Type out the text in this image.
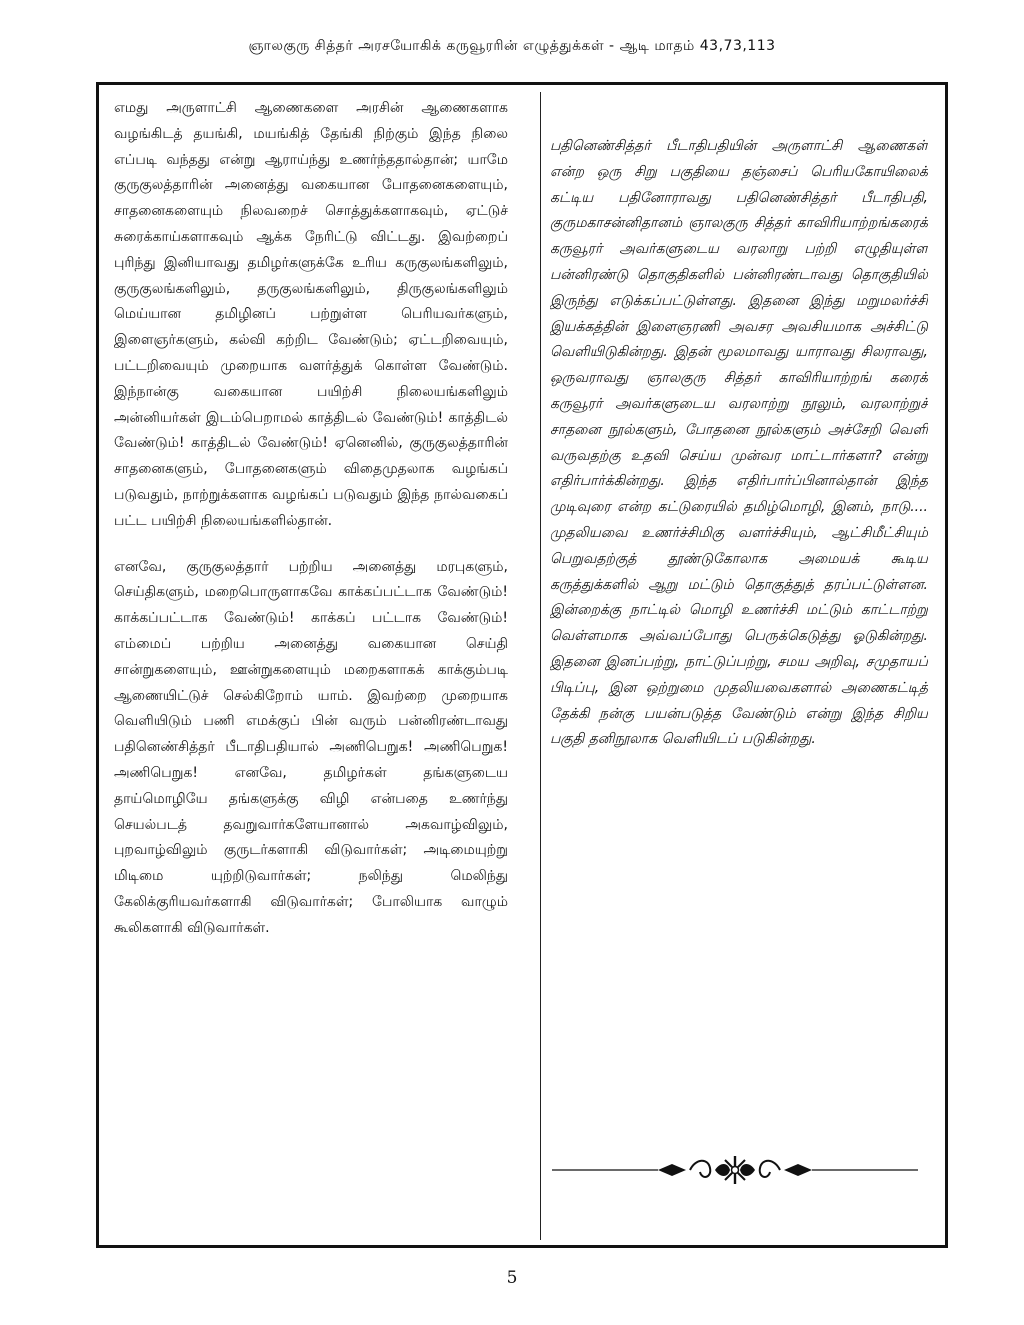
ஞாலகுரு சித்தர் அரசயோகிக் கருவூரரின் எழுத்துக்கள் - ஆடி மாதம் 43,73,113

எமது அருளாட்சி ஆணைகளை அரசின் ஆணைகளாக வழங்கிடத் தயங்கி, மயங்கித் தேங்கி நிற்கும் இந்த நிலை எப்படி வந்தது என்று ஆராய்ந்து உணர்ந்ததால்தான்; யாமே குருகுலத்தாரின் அனைத்து வகையான போதனைகளையும், சாதனைகளையும் நிலவறைச் சொத்துக்களாகவும், ஏட்டுச் சுரைக்காய்களாகவும் ஆக்க நேரிட்டு விட்டது. இவற்றைப் புரிந்து இனியாவது தமிழர்களுக்கே உரிய கருகுலங்களிலும், குருகுலங்களிலும், தருகுலங்களிலும், திருகுலங்களிலும் மெய்யான தமிழினப் பற்றுள்ள பெரியவர்களும், இளைஞர்களும், கல்வி கற்றிட வேண்டும்; ஏட்டறிவையும், பட்டறிவையும் முறையாக வளர்த்துக் கொள்ள வேண்டும். இந்நான்கு வகையான பயிற்சி நிலையங்களிலும் அன்னியர்கள் இடம்பெறாமல் காத்திடல் வேண்டும்! காத்திடல் வேண்டும்! காத்திடல் வேண்டும்! ஏனெனில், குருகுலத்தாரின் சாதனைகளும், போதனைகளும் விதைமுதலாக வழங்கப் படுவதும், நாற்றுக்களாக வழங்கப் படுவதும் இந்த நால்வகைப் பட்ட பயிற்சி நிலையங்களில்தான்.

எனவே, குருகுலத்தார் பற்றிய அனைத்து மரபுகளும், செய்திகளும், மறைபொருளாகவே காக்கப்பட்டாக வேண்டும்! காக்கப்பட்டாக வேண்டும்! காக்கப் பட்டாக வேண்டும்! எம்மைப் பற்றிய அனைத்து வகையான செய்தி சான்றுகளையும், ஊன்றுகளையும் மறைகளாகக் காக்கும்படி ஆணையிட்டுச் செல்கிறோம் யாம். இவற்றை முறையாக வெளியிடும் பணி எமக்குப் பின் வரும் பன்னிரண்டாவது பதினெண்சித்தர் பீடாதிபதியால் அணிபெறுக! அணிபெறுக! அணிபெறுக! எனவே, தமிழர்கள் தங்களுடைய தாய்மொழியே தங்களுக்கு விழி என்பதை உணர்ந்து செயல்படத் தவறுவார்களேயானால் அகவாழ்விலும், புறவாழ்விலும் குருடர்களாகி விடுவார்கள்; அடிமையுற்று மிடிமை யுற்றிடுவார்கள்; நலிந்து மெலிந்து கேலிக்குரியவர்களாகி விடுவார்கள்; போலியாக வாழும் கூலிகளாகி விடுவார்கள்.

பதினெண்சித்தர் பீடாதிபதியின் அருளாட்சி ஆணைகள் என்ற ஒரு சிறு பகுதியை தஞ்சைப் பெரியகோயிலைக் கட்டிய பதினோராவது பதினெண்சித்தர் பீடாதிபதி, குருமகாசன்னிதானம் ஞாலகுரு சித்தர் காவிரியாற்றங்கரைக் கருவூரர் அவர்களுடைய வரலாறு பற்றி எழுதியுள்ள பன்னிரண்டு தொகுதிகளில் பன்னிரண்டாவது தொகுதியில் இருந்து எடுக்கப்பட்டுள்ளது. இதனை இந்து மறுமலர்ச்சி இயக்கத்தின் இளைஞரணி அவசர அவசியமாக அச்சிட்டு வெளியிடுகின்றது. இதன் மூலமாவது யாராவது சிலராவது, ஒருவராவது ஞாலகுரு சித்தர் காவிரியாற்றங் கரைக் கருவூரர் அவர்களுடைய வரலாற்று நூலும், வரலாற்றுச் சாதனை நூல்களும், போதனை நூல்களும் அச்சேறி வெளி வருவதற்கு உதவி செய்ய முன்வர மாட்டார்களா? என்று எதிர்பார்க்கின்றது. இந்த எதிர்பார்ப்பினால்தான் இந்த முடிவுரை என்ற கட்டுரையில் தமிழ்மொழி, இனம், நாடு.... முதலியவை உணர்ச்சிமிகு வளர்ச்சியும், ஆட்சிமீட்சியும் பெறுவதற்குத் தூண்டுகோலாக அமையக் கூடிய கருத்துக்களில் ஆறு மட்டும் தொகுத்துத் தரப்பட்டுள்ளன. இன்றைக்கு நாட்டில் மொழி உணர்ச்சி மட்டும் காட்டாற்று வெள்ளமாக அவ்வப்போது பெருக்கெடுத்து ஓடுகின்றது. இதனை இனப்பற்று, நாட்டுப்பற்று, சமய அறிவு, சமுதாயப் பிடிப்பு, இன ஒற்றுமை முதலியவைகளால் அணைகட்டித் தேக்கி நன்கு பயன்படுத்த வேண்டும் என்று இந்த சிறிய பகுதி தனிநூலாக வெளியிடப் படுகின்றது.

5
